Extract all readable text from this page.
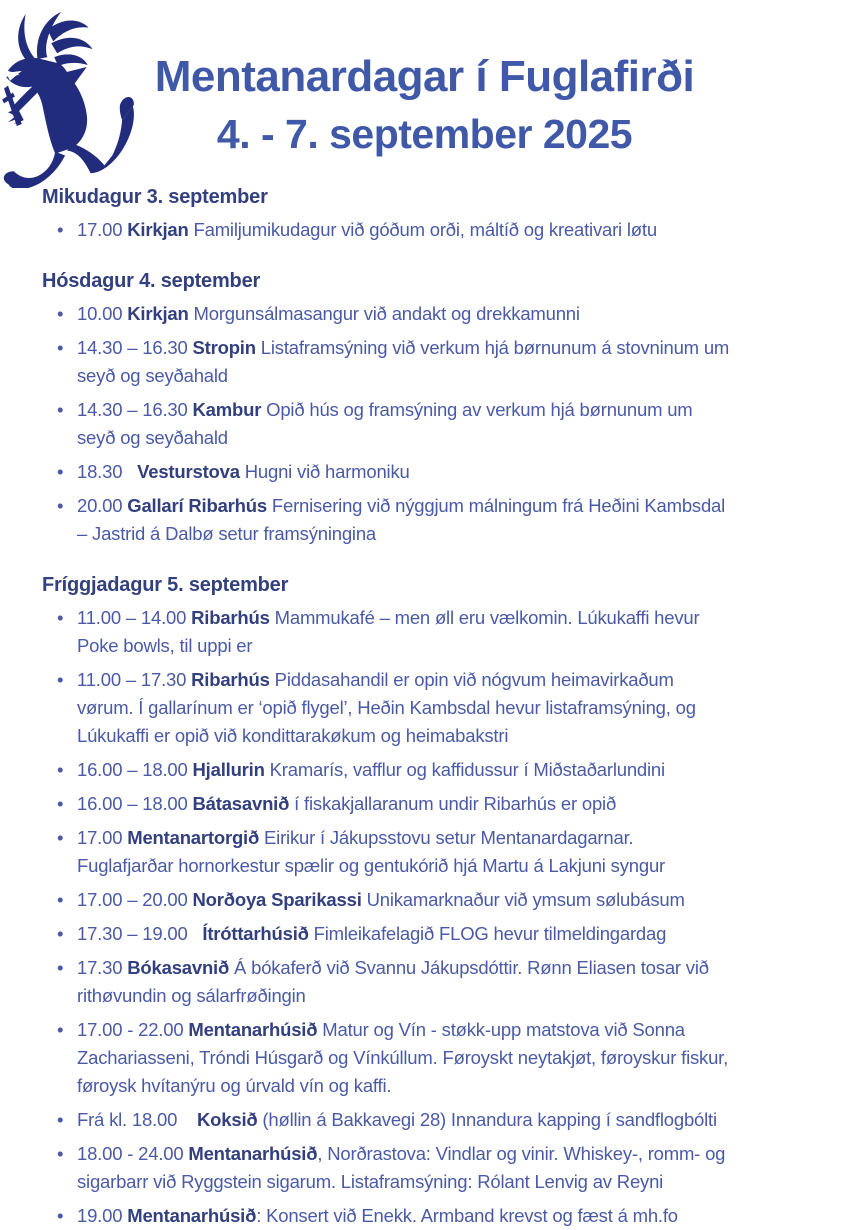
Mentanardagar í Fuglafirði
4. - 7. september 2025
Mikudagur 3. september
• 17.00 Kirkjan Familjumikudagur við góðum orði, máltíð og kreativari løtu
Hósdagur 4. september
• 10.00 Kirkjan Morgunsálmasangur við andakt og drekkamunni
• 14.30 – 16.30 Stropin Listaframsýning við verkum hjá børnunum á stovninum um seyð og seyðahald
• 14.30 – 16.30 Kambur Opið hús og framsýning av verkum hjá børnunum um seyð og seyðahald
• 18.30   Vesturstova Hugni við harmoniku
• 20.00 Gallarí Ribarhús Fernisering við nýggjum málningum frá Heðini Kambsdal – Jastrid á Dalbø setur framsýningina
Fríggjadagur 5. september
• 11.00 – 14.00 Ribarhús Mammukafé – men øll eru vælkomin. Lúkukaffi hevur Poke bowls, til uppi er
• 11.00 – 17.30 Ribarhús Piddasahandil er opin við nógvum heimavirkaðum vørum. Í gallarínum er ‘opið flygel’, Heðin Kambsdal hevur listaframsýning, og Lúkukaffi er opið við kondittarakøkum og heimabakstri
• 16.00 – 18.00 Hjallurin Kramarís, vafflur og kaffidussur í Miðstaðarlundini
• 16.00 – 18.00 Bátasavnið í fiskakjallaranum undir Ribarhús er opið
• 17.00 Mentanartorgið Eirikur í Jákupsstovu setur Mentanardagarnar. Fuglafjarðar hornorkestur spælir og gentukórið hjá Martu á Lakjuni syngur
• 17.00 – 20.00 Norðoya Sparikassi Unikamarknaður við ymsum sølubásum
• 17.30 – 19.00   Ítróttarhúsið Fimleikafelagið FLOG hevur tilmeldingardag
• 17.30 Bókasavnið Á bókaferð við Svannu Jákupsdóttir. Rønn Eliasen tosar við rithøvundin og sálarfrøðingin
• 17.00 - 22.00 Mentanarhúsið Matur og Vín - støkk-upp matstova við Sonna Zachariasseni, Tróndi Húsgarð og Vínkúllum. Føroyskt neytakjøt, føroyskur fiskur, føroysk hvítanýru og úrvald vín og kaffi.
• Frá kl. 18.00    Koksið (høllin á Bakkavegi 28) Innandura kapping í sandflogbólti
• 18.00 - 24.00 Mentanarhúsið, Norðrastova: Vindlar og vinir. Whiskey-, romm- og sigarbarr við Ryggstein sigarum. Listaframsýning: Rólant Lenvig av Reyni
• 19.00 Mentanarhúsið: Konsert við Enekk. Armband krevst og fæst á mh.fo
